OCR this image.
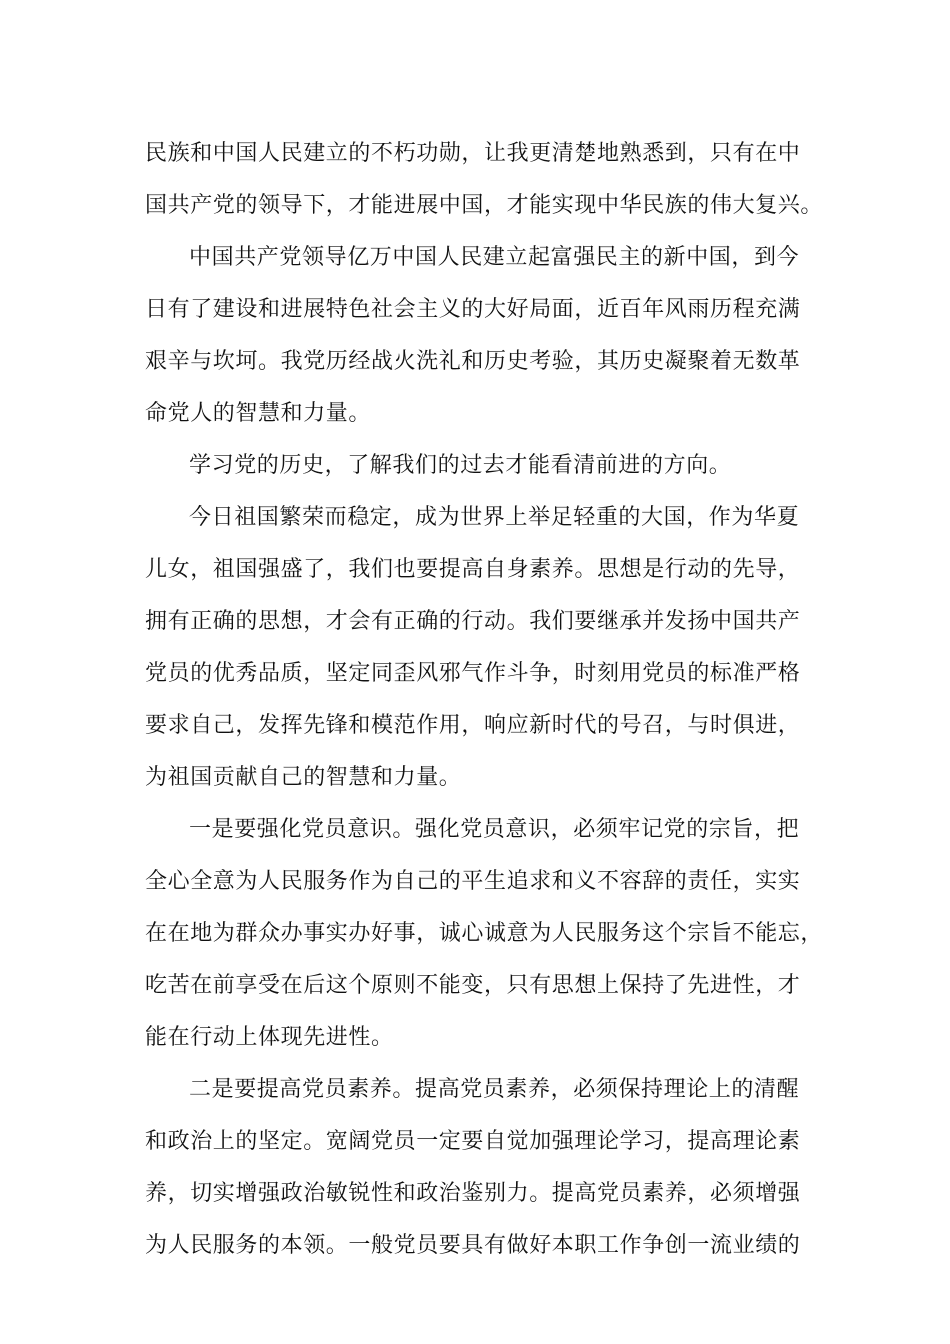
民族和中国人民建立的不朽功勋，让我更清楚地熟悉到，只有在中
国共产党的领导下，才能进展中国，才能实现中华民族的伟大复兴。
中国共产党领导亿万中国人民建立起富强民主的新中国，到今
日有了建设和进展特色社会主义的大好局面，近百年风雨历程充满
艰辛与坎坷。我党历经战火洗礼和历史考验，其历史凝聚着无数革
命党人的智慧和力量。
学习党的历史，了解我们的过去才能看清前进的方向。
今日祖国繁荣而稳定，成为世界上举足轻重的大国，作为华夏
儿女，祖国强盛了，我们也要提高自身素养。思想是行动的先导，
拥有正确的思想，才会有正确的行动。我们要继承并发扬中国共产
党员的优秀品质，坚定同歪风邪气作斗争，时刻用党员的标准严格
要求自己，发挥先锋和模范作用，响应新时代的号召，与时俱进，
为祖国贡献自己的智慧和力量。
一是要强化党员意识。强化党员意识，必须牢记党的宗旨，把
全心全意为人民服务作为自己的平生追求和义不容辞的责任，实实
在在地为群众办事实办好事，诚心诚意为人民服务这个宗旨不能忘，
吃苦在前享受在后这个原则不能变，只有思想上保持了先进性，才
能在行动上体现先进性。
二是要提高党员素养。提高党员素养，必须保持理论上的清醒
和政治上的坚定。宽阔党员一定要自觉加强理论学习，提高理论素
养，切实增强政治敏锐性和政治鉴别力。提高党员素养，必须增强
为人民服务的本领。一般党员要具有做好本职工作争创一流业绩的
